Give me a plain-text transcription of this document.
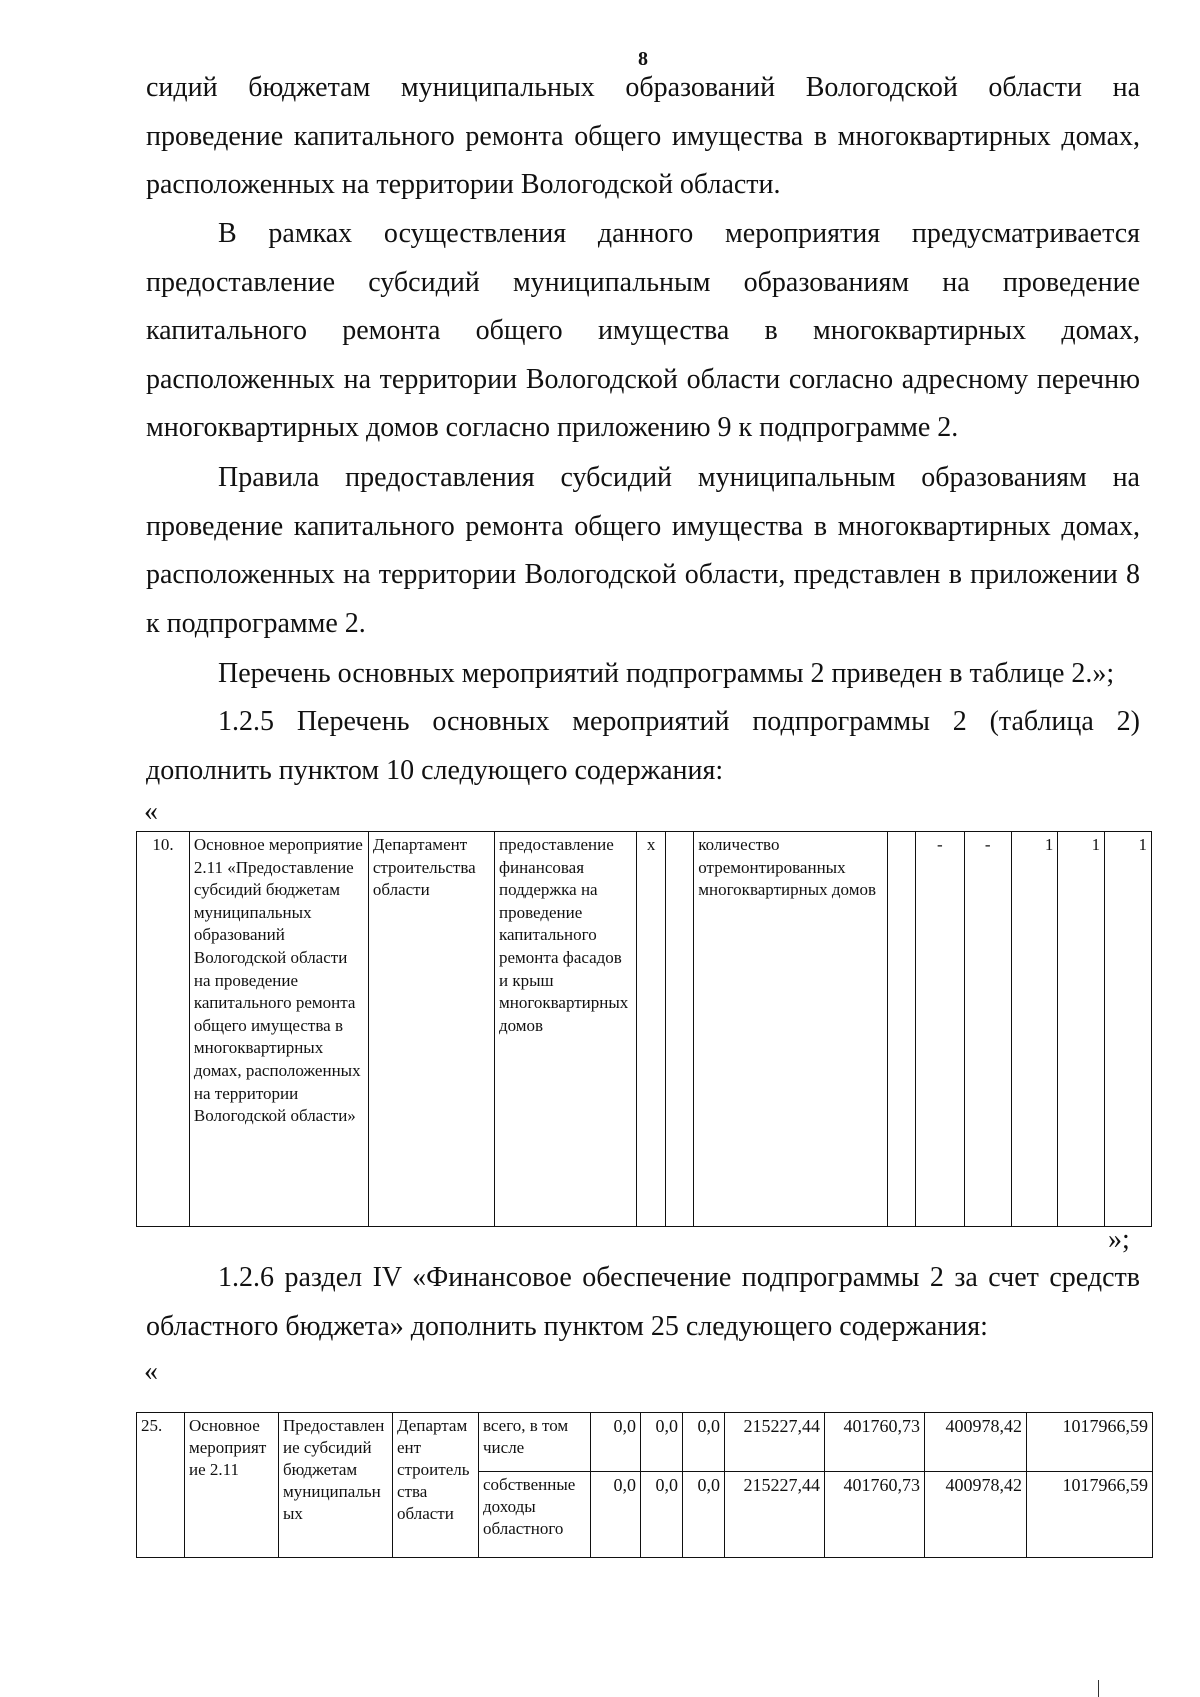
8
сидий бюджетам муниципальных образований Вологодской области на проведение капитального ремонта общего имущества в многоквартирных домах, расположенных на территории Вологодской области.
В рамках осуществления данного мероприятия предусматривается предоставление субсидий муниципальным образованиям на проведение капитального ремонта общего имущества в многоквартирных домах, расположенных на территории Вологодской области согласно адресному перечню многоквартирных домов согласно приложению 9 к подпрограмме 2.
Правила предоставления субсидий муниципальным образованиям на проведение капитального ремонта общего имущества в многоквартирных домах, расположенных на территории Вологодской области, представлен в приложении 8 к подпрограмме 2.
Перечень основных мероприятий подпрограммы 2 приведен в таблице 2.»;
1.2.5 Перечень основных мероприятий подпрограммы 2 (таблица 2) дополнить пунктом 10 следующего содержания:
«
10.	Основное мероприятие 2.11 «Предоставление субсидий бюджетам муниципальных образований Вологодской области на проведение капитального ремонта общего имущества в многоквартирных домах, расположенных на территории Вологодской области»	Департамент строительства области	предоставление финансовая поддержка на проведение капитального ремонта фасадов и крыш многоквартирных домов	х		количество отремонтированных многоквартирных домов		-	-	1	1	1
»;
1.2.6 раздел IV «Финансовое обеспечение подпрограммы 2 за счет средств областного бюджета» дополнить пунктом 25 следующего содержания:
«
25.	Основное мероприятие 2.11	Предоставление субсидий бюджетам муниципальных	Департамент строительства области	всего, в том числе	0,0	0,0	0,0	215227,44	401760,73	400978,42	1017966,59
				собственные доходы областного	0,0	0,0	0,0	215227,44	401760,73	400978,42	1017966,59
